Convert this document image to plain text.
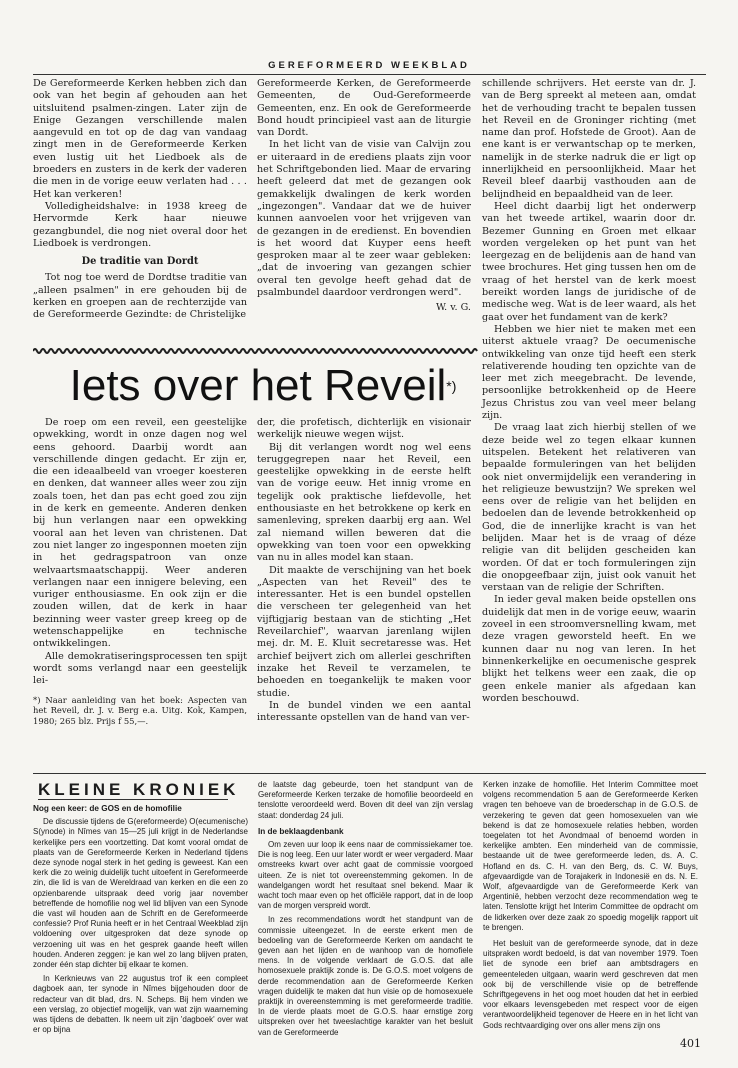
GEREFORMEERD WEEKBLAD

De Gereformeerde Kerken hebben zich dan ook van het begin af gehouden aan het uitsluitend psalmen-zingen. Later zijn de Enige Gezangen verschillende malen aangevuld en tot op de dag van vandaag zingt men in de Gereformeerde Kerken even lustig uit het Liedboek als de broeders en zusters in de kerk der vaderen die men in de vorige eeuw verlaten had . . . Het kan verkeren!

Volledigheidshalve: in 1938 kreeg de Hervormde Kerk haar nieuwe gezangbundel, die nog niet overal door het Liedboek is verdrongen.

De traditie van Dordt

Tot nog toe werd de Dordtse traditie van „alleen psalmen" in ere gehouden bij de kerken en groepen aan de rechterzijde van de Gereformeerde Gezindte: de Christelijke

Gereformeerde Kerken, de Gereformeerde Gemeenten, de Oud-Gereformeerde Gemeenten, enz. En ook de Gereformeerde Bond houdt principieel vast aan de liturgie van Dordt.

In het licht van de visie van Calvijn zou er uiteraard in de erediens plaats zijn voor het Schriftgebonden lied. Maar de ervaring heeft geleerd dat met de gezangen ook gemakkelijk dwalingen de kerk worden „ingezongen". Vandaar dat we de huiver kunnen aanvoelen voor het vrijgeven van de gezangen in de eredienst. En bovendien is het woord dat Kuyper eens heeft gesproken maar al te zeer waar gebleken: „dat de invoering van gezangen schier overal ten gevolge heeft gehad dat de psalmbundel daardoor verdrongen werd".

W. v. G.

schillende schrijvers. Het eerste van dr. J. van de Berg spreekt al meteen aan, omdat het de verhouding tracht te bepalen tussen het Reveil en de Groninger richting (met name dan prof. Hofstede de Groot). Aan de ene kant is er verwantschap op te merken, namelijk in de sterke nadruk die er ligt op innerlijkheid en persoonlijkheid. Maar het Reveil bleef daarbij vasthouden aan de belijndheid en bepaaldheid van de leer.

Heel dicht daarbij ligt het onderwerp van het tweede artikel, waarin door dr. Bezemer Gunning en Groen met elkaar worden vergeleken op het punt van het leergezag en de belijdenis aan de hand van twee brochures. Het ging tussen hen om de vraag of het herstel van de kerk moest bereikt worden langs de juridische of de medische weg. Wat is de leer waard, als het gaat over het fundament van de kerk?

Hebben we hier niet te maken met een uiterst aktuele vraag? De oecumenische ontwikkeling van onze tijd heeft een sterk relativerende houding ten opzichte van de leer met zich meegebracht. De levende, persoonlijke betrokkenheid op de Heere Jezus Christus zou van veel meer belang zijn.

De vraag laat zich hierbij stellen of we deze beide wel zo tegen elkaar kunnen uitspelen. Betekent het relativeren van bepaalde formuleringen van het belijden ook niet onvermijdelijk een verandering in het religieuze bewustzijn? We spreken wel eens over de religie van het belijden en bedoelen dan de levende betrokkenheid op God, die de innerlijke kracht is van het belijden. Maar het is de vraag of déze religie van dit belijden gescheiden kan worden. Of dat er toch formuleringen zijn die onopgeefbaar zijn, juist ook vanuit het verstaan van de religie der Schriften.

In ieder geval maken beide opstellen ons duidelijk dat men in de vorige eeuw, waarin zoveel in een stroomversnelling kwam, met deze vragen geworsteld heeft. En we kunnen daar nu nog van leren. In het binnenkerkelijke en oecumenische gesprek blijkt het telkens weer een zaak, die op geen enkele manier als afgedaan kan worden beschouwd.

Iets over het Reveil*)

De roep om een reveil, een geestelijke opwekking, wordt in onze dagen nog wel eens gehoord. Daarbij wordt aan verschillende dingen gedacht. Er zijn er, die een ideaalbeeld van vroeger koesteren en denken, dat wanneer alles weer zou zijn zoals toen, het dan pas echt goed zou zijn in de kerk en gemeente. Anderen denken bij hun verlangen naar een opwekking vooral aan het leven van christenen. Dat zou niet langer zo ingesponnen moeten zijn in het gedragspatroon van onze welvaartsmaatschappij. Weer anderen verlangen naar een innigere beleving, een vuriger enthousiasme. En ook zijn er die zouden willen, dat de kerk in haar bezinning weer vaster greep kreeg op de wetenschappelijke en technische ontwikkelingen.

Alle demokratiseringsprocessen ten spijt wordt soms verlangd naar een geestelijk lei-

*) Naar aanleiding van het boek: Aspecten van het Reveil, dr. J. v. Berg e.a. Uitg. Kok, Kampen, 1980; 265 blz. Prijs f 55,—.

der, die profetisch, dichterlijk en visionair werkelijk nieuwe wegen wijst.

Bij dit verlangen wordt nog wel eens teruggegrepen naar het Reveil, een geestelijke opwekking in de eerste helft van de vorige eeuw. Het innig vrome en tegelijk ook praktische liefdevolle, het enthousiaste en het betrokkene op kerk en samenleving, spreken daarbij erg aan. Wel zal niemand willen beweren dat die opwekking van toen voor een opwekking van nu in alles model kan staan.

Dit maakte de verschijning van het boek „Aspecten van het Reveil" des te interessanter. Het is een bundel opstellen die verscheen ter gelegenheid van het vijftigjarig bestaan van de stichting „Het Reveilarchief", waarvan jarenlang wijlen mej. dr. M. E. Kluit secretaresse was. Het archief beijvert zich om allerlei geschriften inzake het Reveil te verzamelen, te behoeden en toegankelijk te maken voor studie.

In de bundel vinden we een aantal interessante opstellen van de hand van ver-

KLEINE KRONIEK
Nog een keer: de GOS en de homofilie

De discussie tijdens de G(ereformeerde) O(ecumenische) S(ynode) in Nîmes van 15—25 juli krijgt in de Nederlandse kerkelijke pers een voortzetting. Dat komt vooral omdat de plaats van de Gereformeerde Kerken in Nederland tijdens deze synode nogal sterk in het geding is geweest. Kan een kerk die zo weinig duidelijk tucht uitoefent in Gereformeerde zin, die lid is van de Wereldraad van kerken en die een zo opzienbarende uitspraak deed vorig jaar november betreffende de homofilie nog wel lid blijven van een Synode die vast wil houden aan de Schrift en de Gereformeerde confessie? Prof Runia heeft er in het Centraal Weekblad zijn voldoening over uitgesproken dat deze synode op verzoening uit was en het gesprek gaande heeft willen houden. Anderen zeggen: je kan wel zo lang blijven praten, zonder één stap dichter bij elkaar te komen.

In Kerknieuws van 22 augustus trof ik een compleet dagboek aan, ter synode in Nîmes bijgehouden door de redacteur van dit blad, drs. N. Scheps. Bij hem vinden we een verslag, zo objectief mogelijk, van wat zijn waarneming was tijdens de debatten. Ik neem uit zijn 'dagboek' over wat er op bijna

de laatste dag gebeurde, toen het standpunt van de Gereformeerde Kerken terzake de homofilie beoordeeld en tenslotte veroordeeld werd. Boven dit deel van zijn verslag staat: donderdag 24 juli.

In de beklaagdenbank

Om zeven uur loop ik eens naar de commissiekamer toe. Die is nog leeg. Een uur later wordt er weer vergaderd. Maar omstreeks kwart over acht gaat de commissie voorgoed uiteen. Ze is niet tot overeenstemming gekomen. In de wandelgangen wordt het resultaat snel bekend. Maar ik wacht toch maar even op het officiële rapport, dat in de loop van de morgen verspreid wordt.

In zes recommendations wordt het standpunt van de commissie uiteengezet. In de eerste erkent men de bedoeling van de Gereformeerde Kerken om aandacht te geven aan het lijden en de wanhoop van de homofiele mens. In de volgende verklaart de G.O.S. dat alle homosexuele praktijk zonde is. De G.O.S. moet volgens de derde recommendation aan de Gereformeerde Kerken vragen duidelijk te maken dat hun visie op de homosexuele praktijk in overeenstemming is met gereformeerde traditie. In de vierde plaats moet de G.O.S. haar ernstige zorg uitspreken over het tweeslachtige karakter van het besluit van de Gereformeerde

Kerken inzake de homofilie. Het Interim Committee moet volgens recommendation 5 aan de Gereformeerde Kerken vragen ten behoeve van de broederschap in de G.O.S. de verzekering te geven dat geen homosexuelen van wie bekend is dat ze homosexuele relaties hebben, worden toegelaten tot het Avondmaal of benoemd worden in kerkelijke ambten. Een minderheid van de commissie, bestaande uit de twee gereformeerde leden, ds. A. C. Hofland en ds. C. H. van den Berg, ds. C. W. Buys, afgevaardigde van de Torajakerk in Indonesië en ds. N. E. Wolf, afgevaardigde van de Gereformeerde Kerk van Argentinië, hebben verzocht deze recommendation weg te laten. Tenslotte krijgt het Interim Committee de opdracht om de lidkerken over deze zaak zo spoedig mogelijk rapport uit te brengen.

Het besluit van de gereformeerde synode, dat in deze uitspraken wordt bedoeld, is dat van november 1979. Toen liet de synode een brief aan ambtsdragers en gemeenteleden uitgaan, waarin werd geschreven dat men ook bij de verschillende visie op de betreffende Schriftgegevens in het oog moet houden dat het in eerbied voor elkaars levensgebeden met respect voor de eigen verantwoordelijkheid tegenover de Heere en in het licht van Gods rechtvaardiging over ons aller mens zijn ons

401
